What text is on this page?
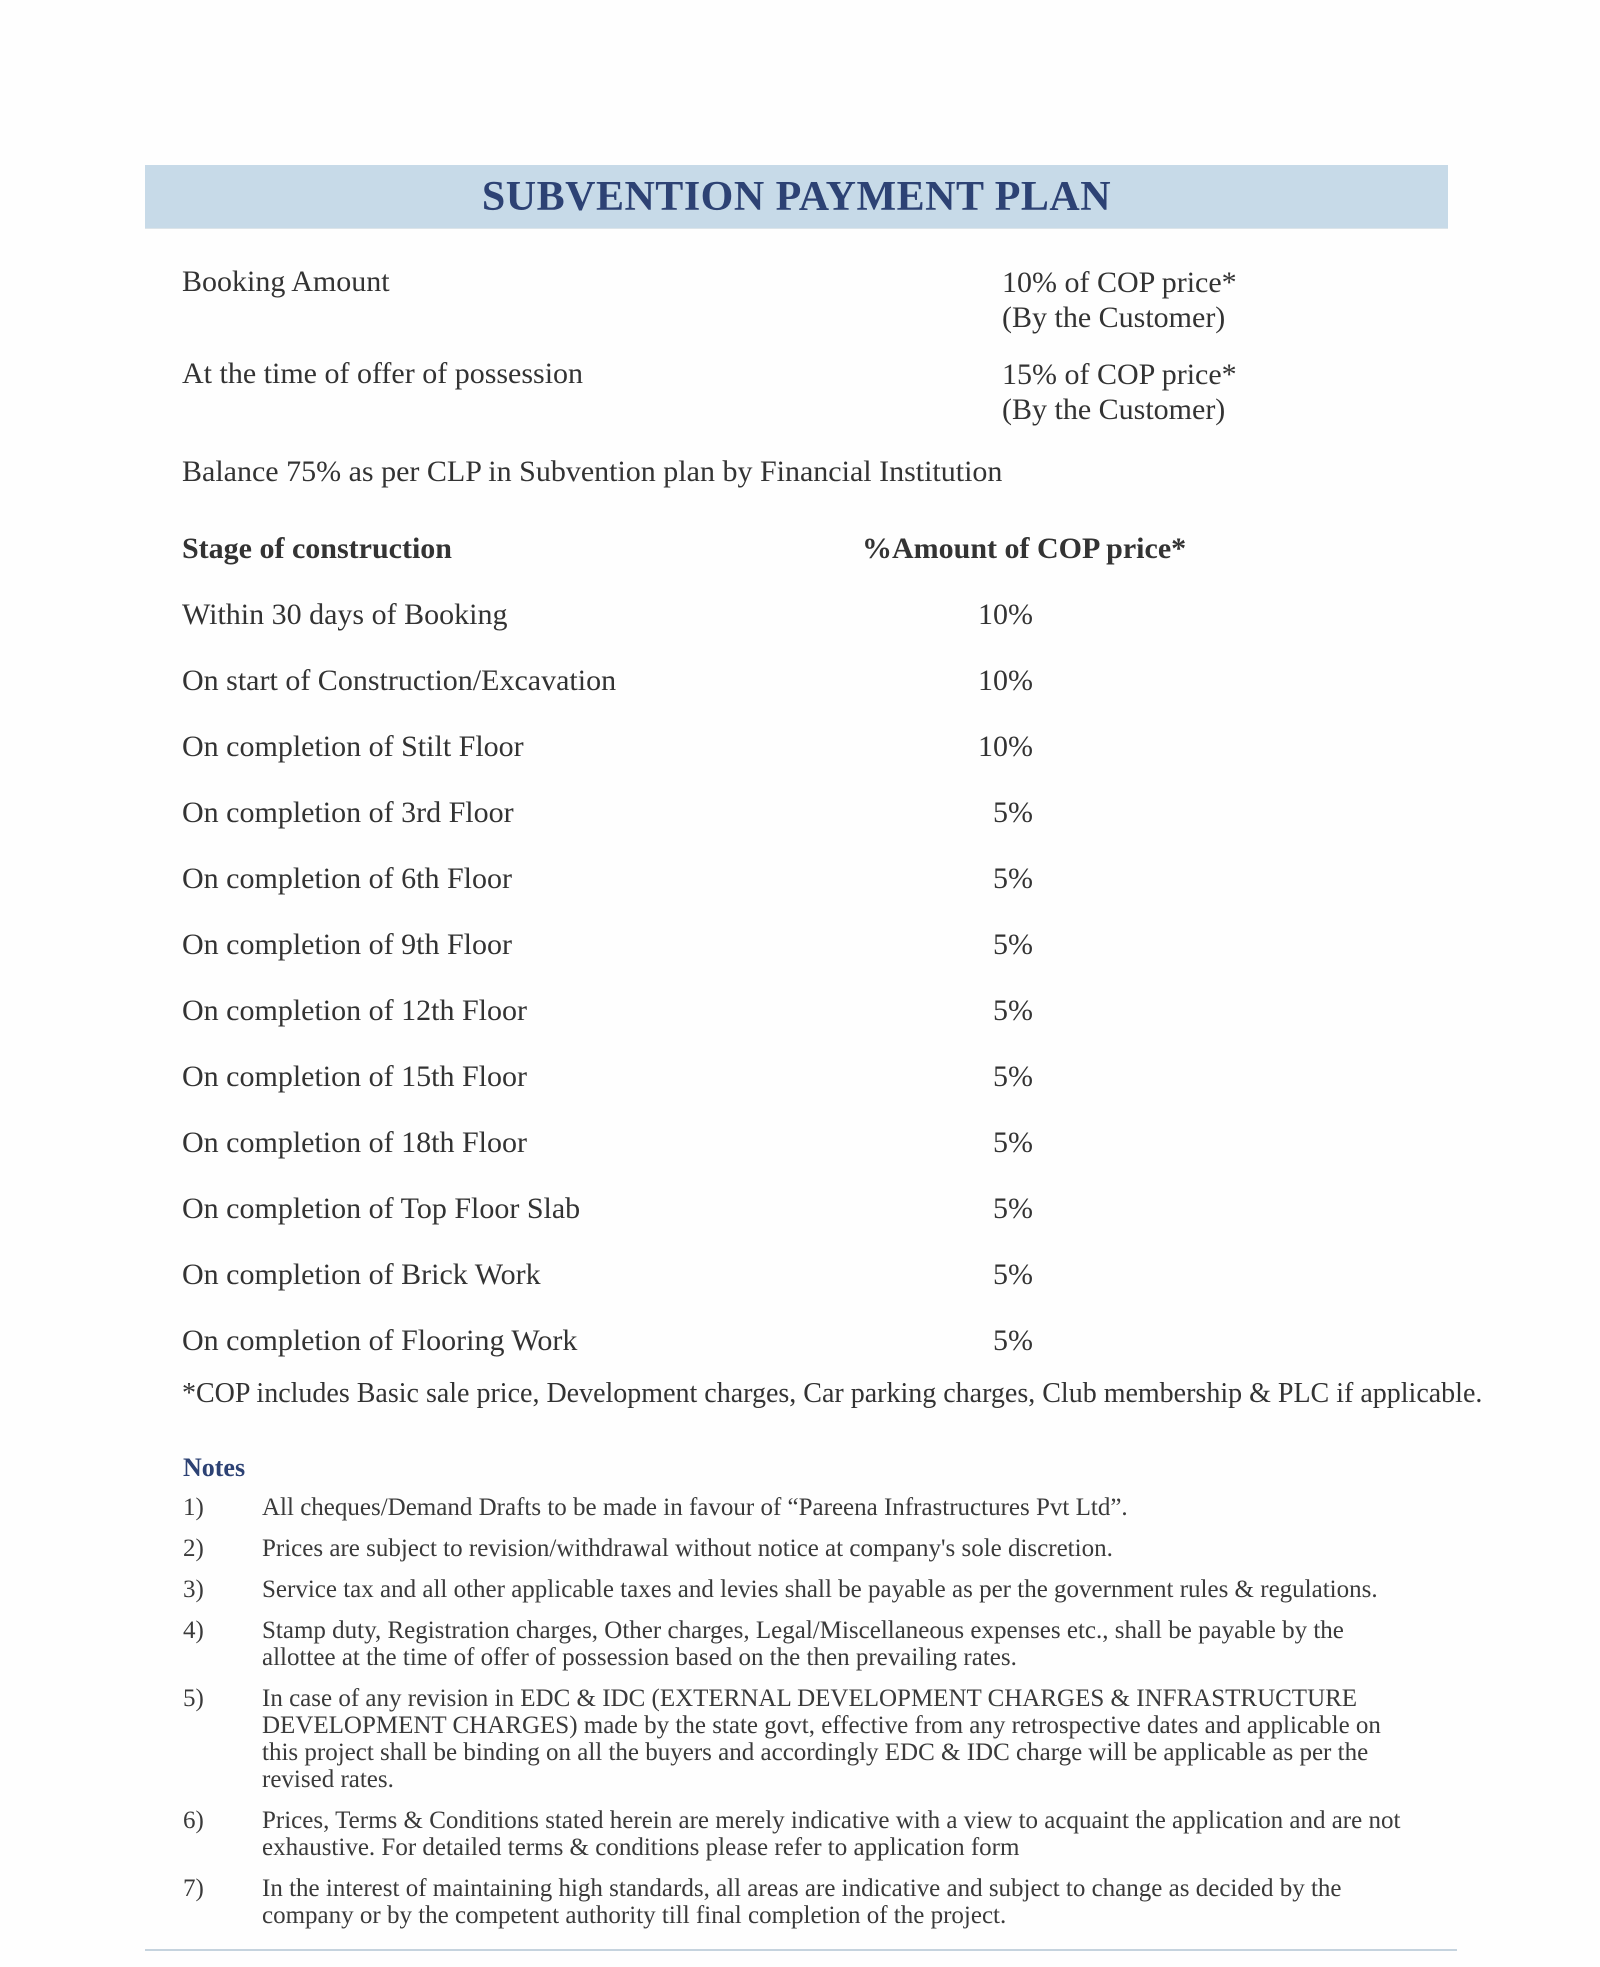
SUBVENTION PAYMENT PLAN
Booking Amount	10% of COP price*
(By the Customer)
At the time of offer of possession	15% of COP price*
(By the Customer)
Balance 75% as per CLP in Subvention plan by Financial Institution
Stage of construction	%Amount of COP price*
Within 30 days of Booking	10%
On start of Construction/Excavation	10%
On completion of Stilt Floor	10%
On completion of 3rd Floor	5%
On completion of 6th Floor	5%
On completion of 9th Floor	5%
On completion of 12th Floor	5%
On completion of 15th Floor	5%
On completion of 18th Floor	5%
On completion of Top Floor Slab	5%
On completion of Brick Work	5%
On completion of Flooring Work	5%
*COP includes Basic sale price, Development charges, Car parking charges, Club membership & PLC if applicable.
Notes
1)	All cheques/Demand Drafts to be made in favour of “Pareena Infrastructures Pvt Ltd”.
2)	Prices are subject to revision/withdrawal without notice at company's sole discretion.
3)	Service tax and all other applicable taxes and levies shall be payable as per the government rules & regulations.
4)	Stamp duty, Registration charges, Other charges, Legal/Miscellaneous expenses etc., shall be payable by the allottee at the time of offer of possession based on the then prevailing rates.
5)	In case of any revision in EDC & IDC (EXTERNAL DEVELOPMENT CHARGES & INFRASTRUCTURE DEVELOPMENT CHARGES) made by the state govt, effective from any retrospective dates and applicable on this project shall be binding on all the buyers and accordingly EDC & IDC charge will be applicable as per the revised rates.
6)	Prices, Terms & Conditions stated herein are merely indicative with a view to acquaint the application and are not exhaustive. For detailed terms & conditions please refer to application form
7)	In the interest of maintaining high standards, all areas are indicative and subject to change as decided by the company or by the competent authority till final completion of the project.
